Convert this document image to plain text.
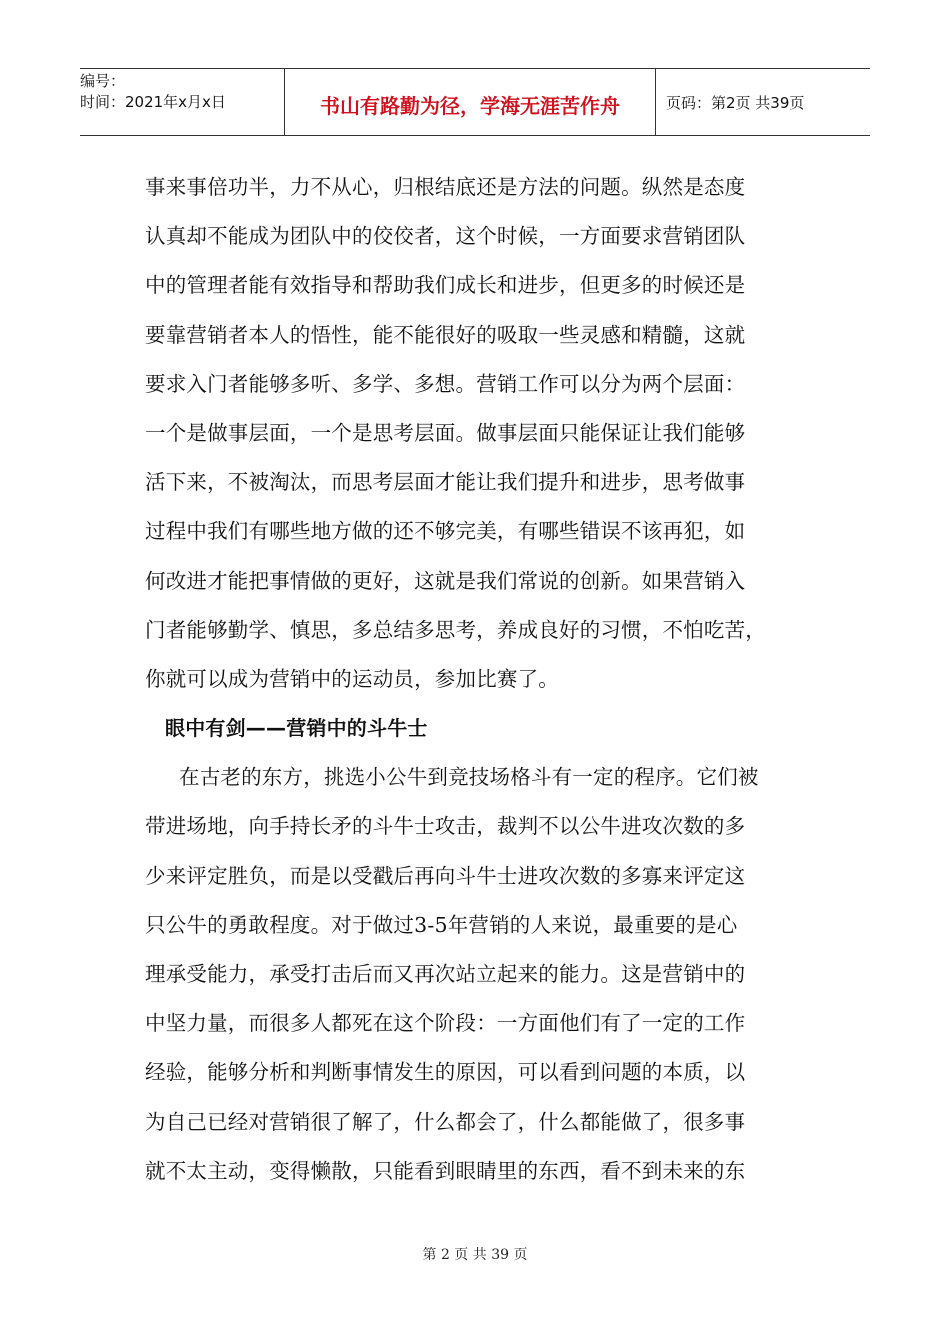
编号：
时间：2021年x月x日	书山有路勤为径，学海无涯苦作舟	页码：第2页 共39页
事来事倍功半，力不从心，归根结底还是方法的问题。纵然是态度
认真却不能成为团队中的佼佼者，这个时候，一方面要求营销团队
中的管理者能有效指导和帮助我们成长和进步，但更多的时候还是
要靠营销者本人的悟性，能不能很好的吸取一些灵感和精髓，这就
要求入门者能够多听、多学、多想。营销工作可以分为两个层面：
一个是做事层面，一个是思考层面。做事层面只能保证让我们能够
活下来，不被淘汰，而思考层面才能让我们提升和进步，思考做事
过程中我们有哪些地方做的还不够完美，有哪些错误不该再犯，如
何改进才能把事情做的更好，这就是我们常说的创新。如果营销入
门者能够勤学、慎思，多总结多思考，养成良好的习惯，不怕吃苦，
你就可以成为营销中的运动员，参加比赛了。
眼中有剑——营销中的斗牛士
在古老的东方，挑选小公牛到竞技场格斗有一定的程序。它们被
带进场地，向手持长矛的斗牛士攻击，裁判不以公牛进攻次数的多
少来评定胜负，而是以受戳后再向斗牛士进攻次数的多寡来评定这
只公牛的勇敢程度。对于做过3-5年营销的人来说，最重要的是心
理承受能力，承受打击后而又再次站立起来的能力。这是营销中的
中坚力量，而很多人都死在这个阶段：一方面他们有了一定的工作
经验，能够分析和判断事情发生的原因，可以看到问题的本质，以
为自己已经对营销很了解了，什么都会了，什么都能做了，很多事
就不太主动，变得懒散，只能看到眼睛里的东西，看不到未来的东
第 2 页 共 39 页
